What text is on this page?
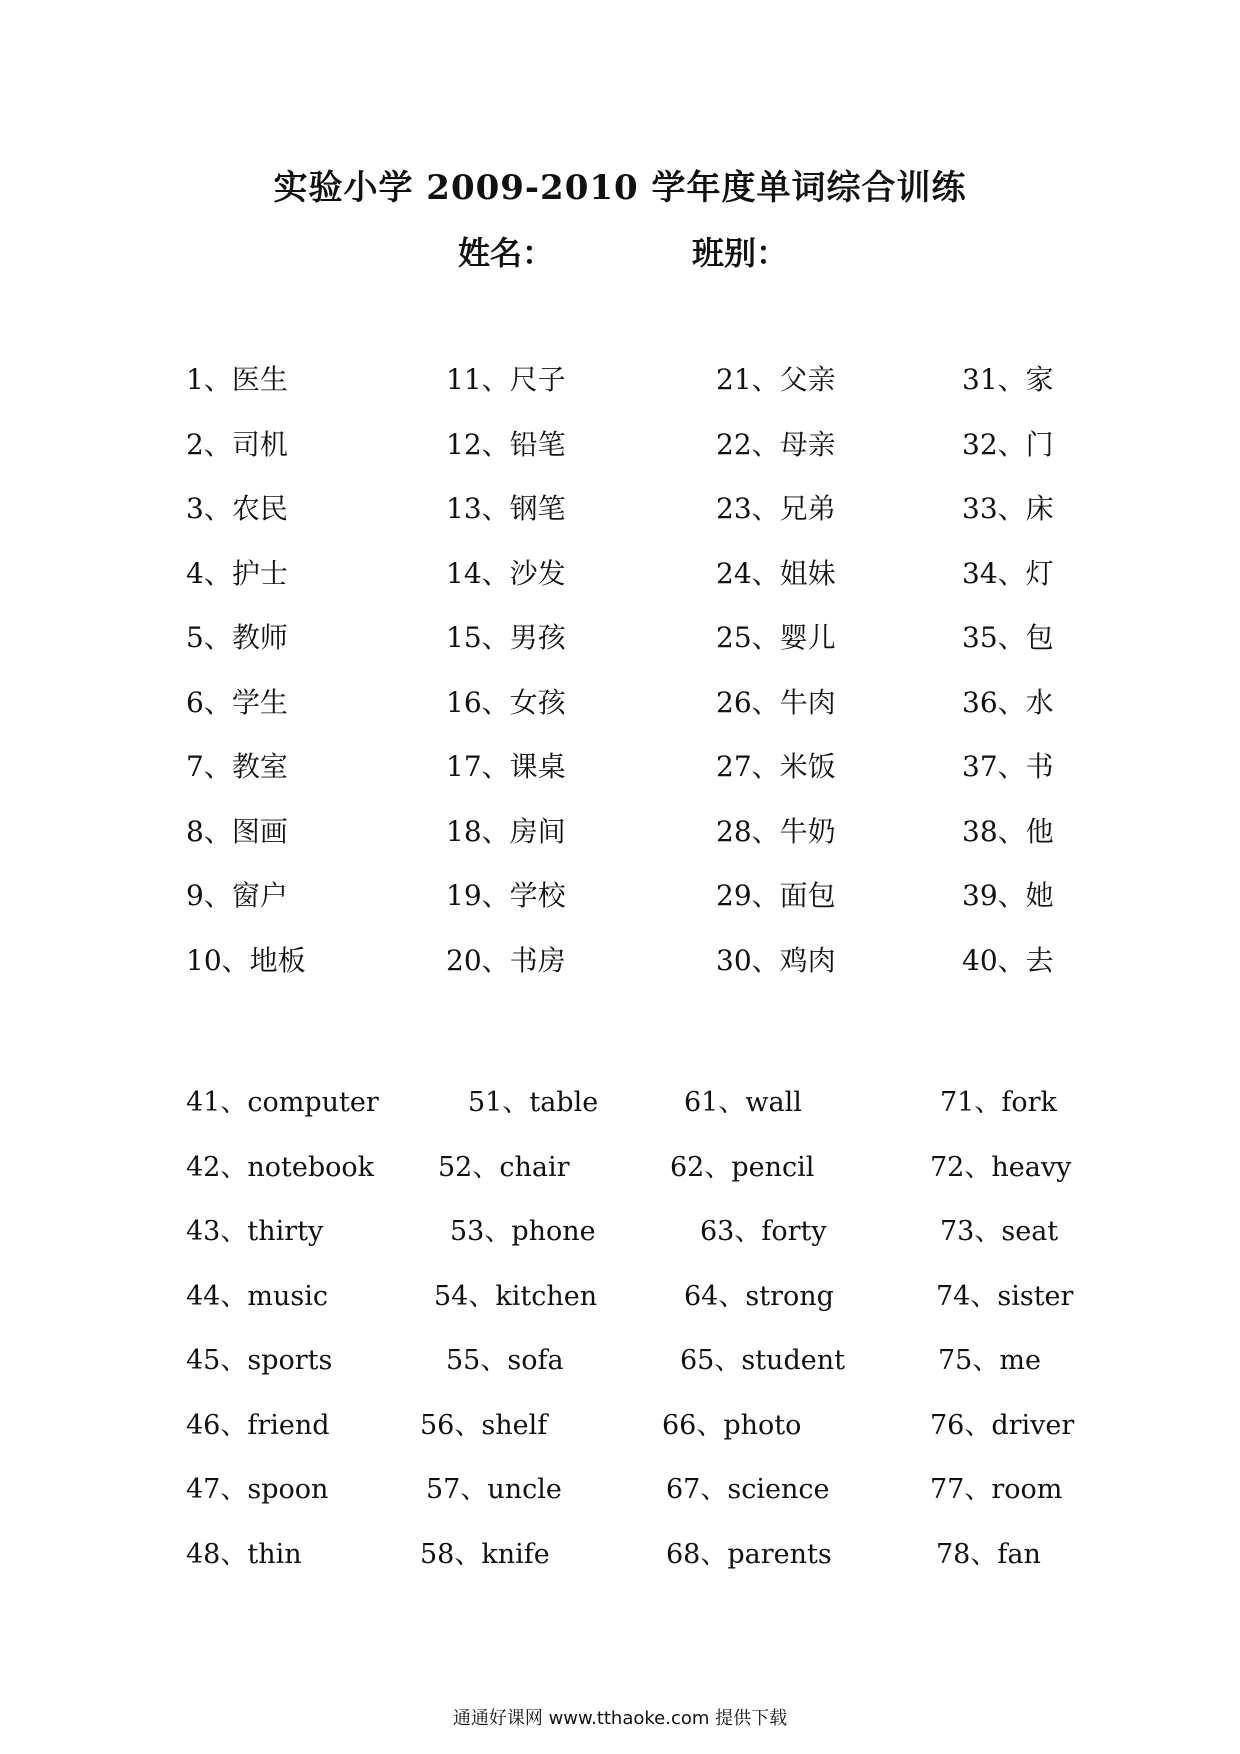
实验小学 2009-2010 学年度单词综合训练
姓名：	班别：
1、医生	11、尺子	21、父亲	31、家
2、司机	12、铅笔	22、母亲	32、门
3、农民	13、钢笔	23、兄弟	33、床
4、护士	14、沙发	24、姐妹	34、灯
5、教师	15、男孩	25、婴儿	35、包
6、学生	16、女孩	26、牛肉	36、水
7、教室	17、课桌	27、米饭	37、书
8、图画	18、房间	28、牛奶	38、他
9、窗户	19、学校	29、面包	39、她
10、地板	20、书房	30、鸡肉	40、去
41、computer	51、table	61、wall	71、fork
42、notebook 52、chair	62、pencil	72、heavy
43、thirty	53、phone	63、forty	73、seat
44、music	54、kitchen	64、strong	74、sister
45、sports	55、sofa	65、student	75、me
46、friend	56、shelf	66、photo	76、driver
47、spoon	57、uncle	67、science	77、room
48、thin	58、knife	68、parents	78、fan
通通好课网 www.tthaoke.com 提供下载
